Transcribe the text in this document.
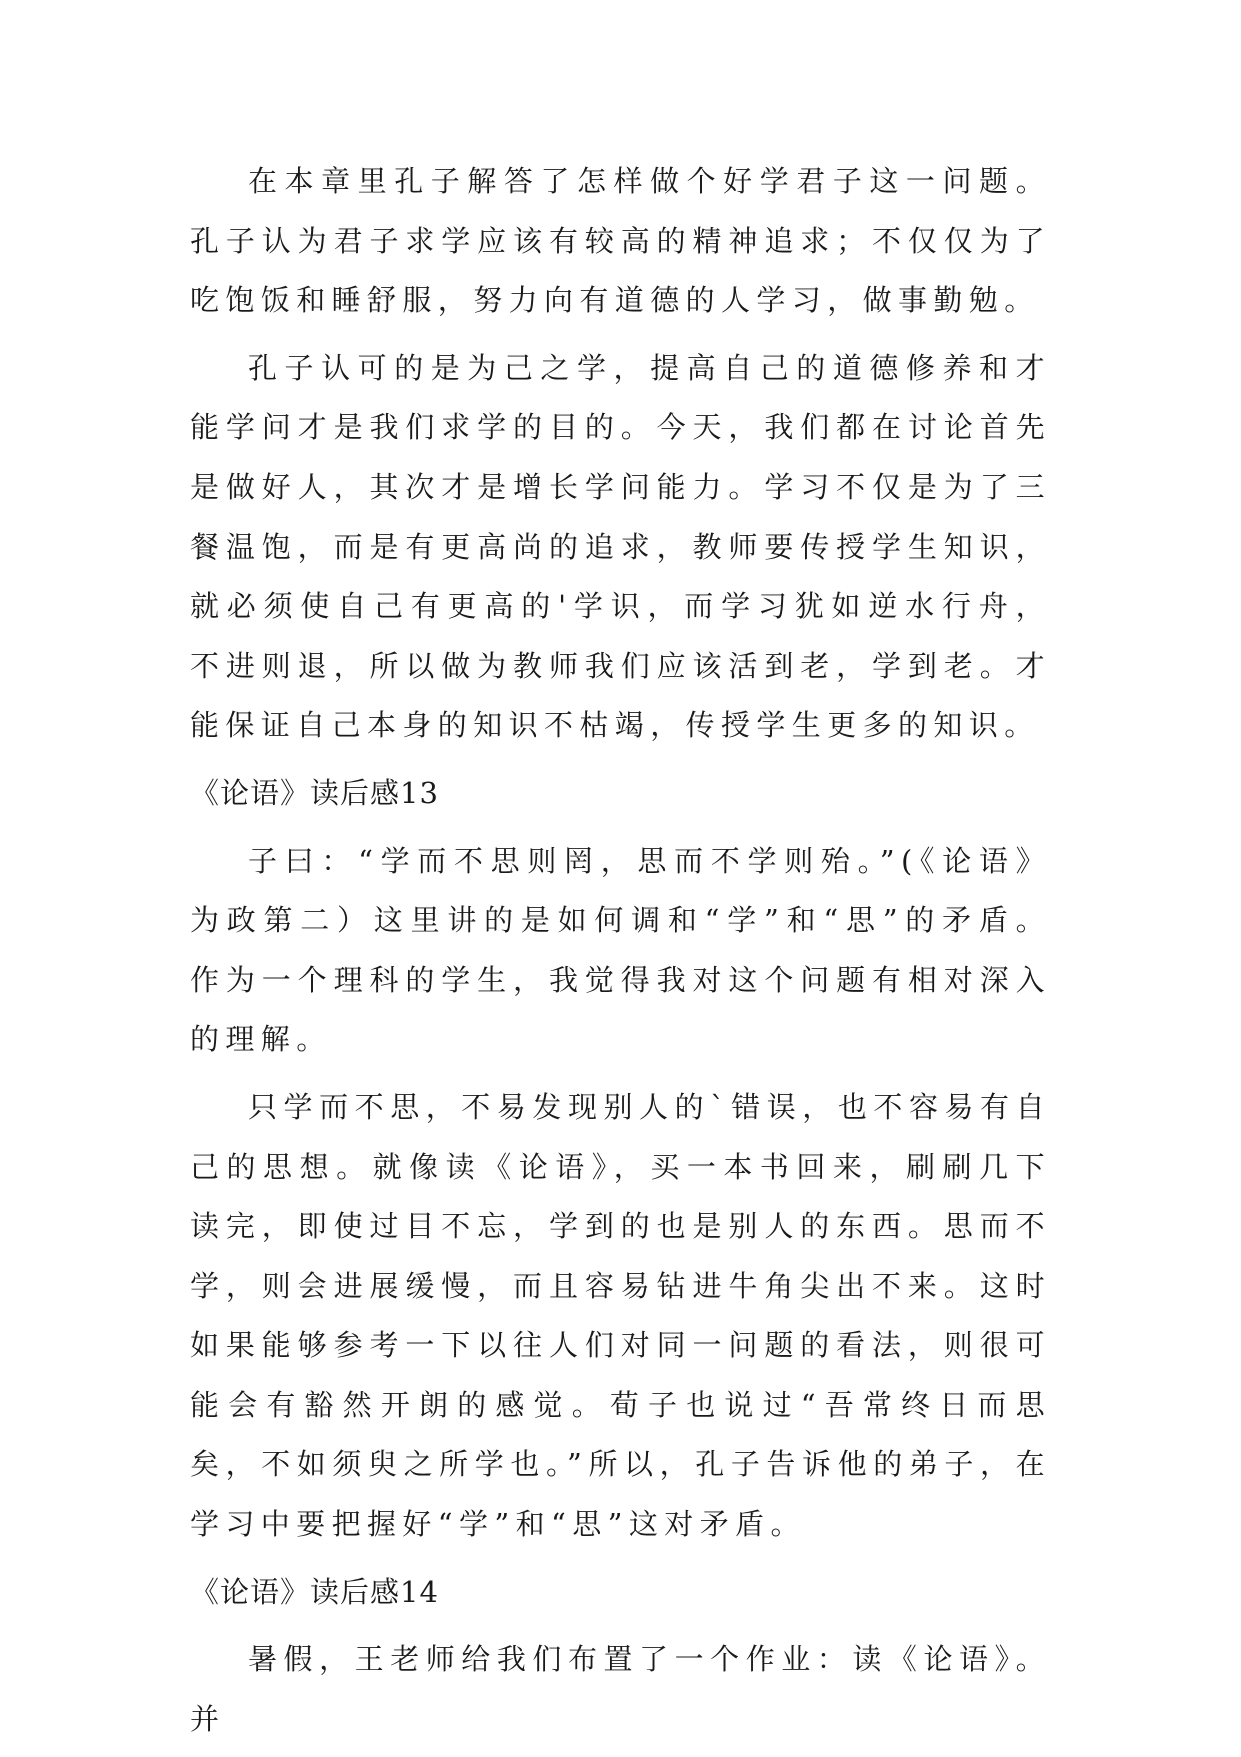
在本章里孔子解答了怎样做个好学君子这一问题。孔子认为君子求学应该有较高的精神追求；不仅仅为了吃饱饭和睡舒服，努力向有道德的人学习，做事勤勉。

孔子认可的是为己之学，提高自己的道德修养和才能学问才是我们求学的目的。今天，我们都在讨论首先是做好人，其次才是增长学问能力。学习不仅是为了三餐温饱，而是有更高尚的追求，教师要传授学生知识，就必须使自己有更高的'学识，而学习犹如逆水行舟，不进则退，所以做为教师我们应该活到老，学到老。才能保证自己本身的知识不枯竭，传授学生更多的知识。

《论语》读后感13

子曰：“学而不思则罔，思而不学则殆。”(《论语》为政第二）这里讲的是如何调和“学”和“思”的矛盾。作为一个理科的学生，我觉得我对这个问题有相对深入的理解。

只学而不思，不易发现别人的`错误，也不容易有自己的思想。就像读《论语》，买一本书回来，刷刷几下读完，即使过目不忘，学到的也是别人的东西。思而不学，则会进展缓慢，而且容易钻进牛角尖出不来。这时如果能够参考一下以往人们对同一问题的看法，则很可能会有豁然开朗的感觉。荀子也说过“吾常终日而思矣，不如须臾之所学也。”所以，孔子告诉他的弟子，在学习中要把握好“学”和“思”这对矛盾。

《论语》读后感14

暑假，王老师给我们布置了一个作业：读《论语》。并
